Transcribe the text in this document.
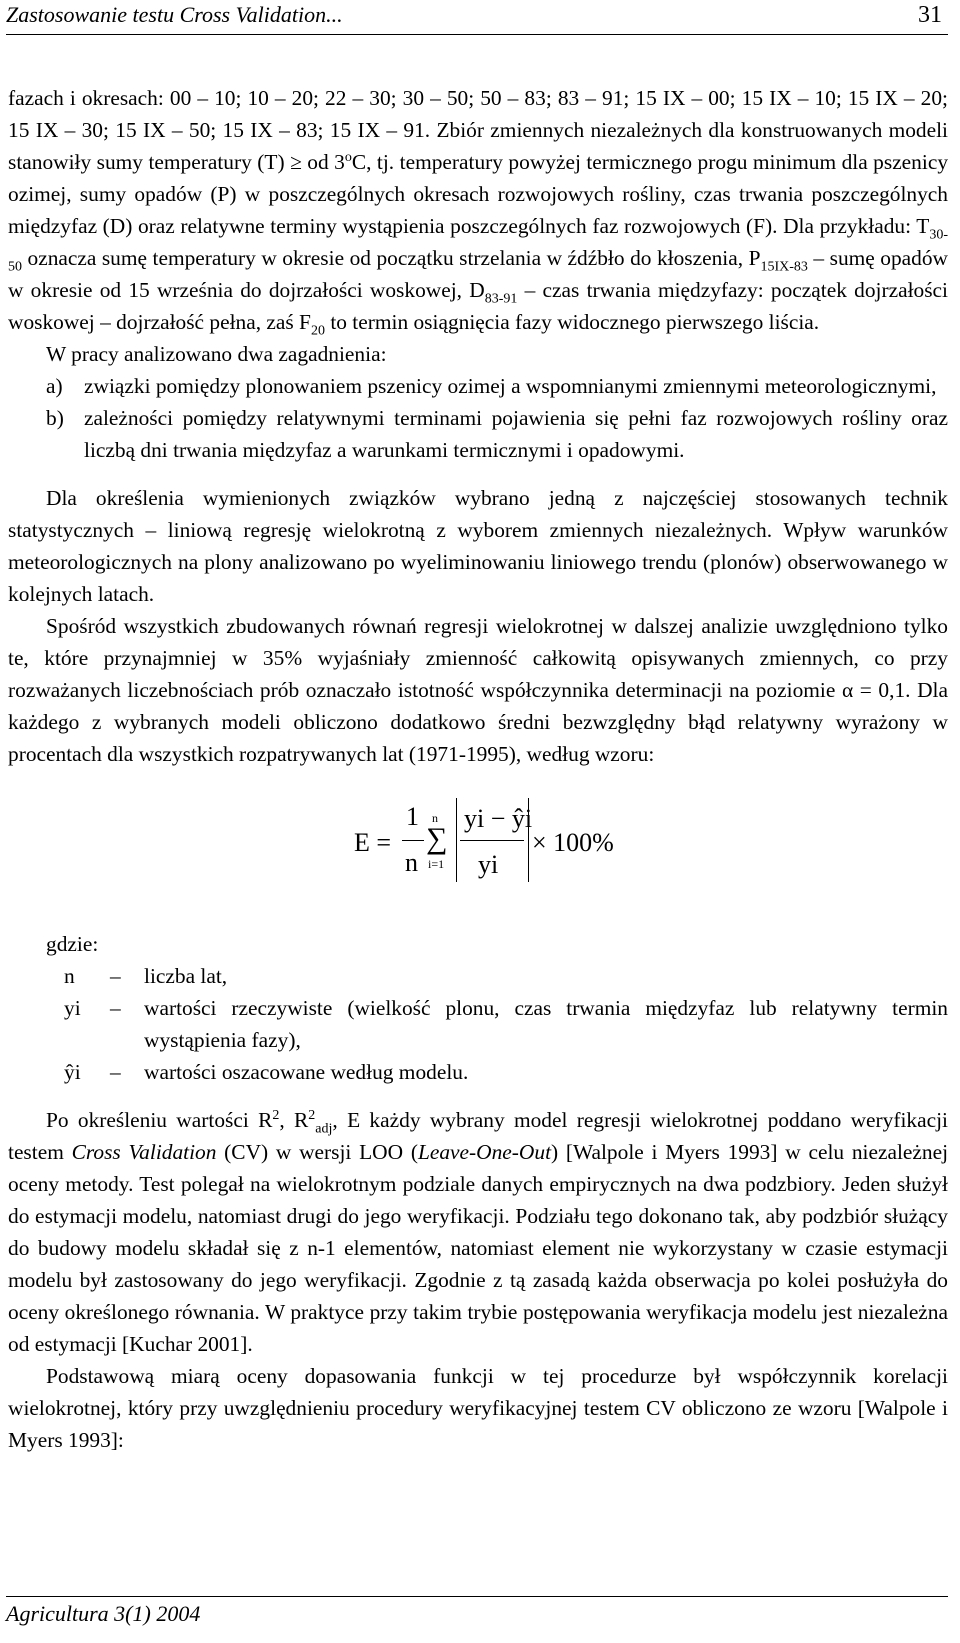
Zastosowanie testu Cross Validation...	31

fazach i okresach: 00 – 10; 10 – 20; 22 – 30; 30 – 50; 50 – 83; 83 – 91; 15 IX – 00; 15 IX – 10; 15 IX – 20; 15 IX – 30; 15 IX – 50; 15 IX – 83; 15 IX – 91. Zbiór zmiennych niezależnych dla konstruowanych modeli stanowiły sumy temperatury (T) ≥ od 3$^o$C, tj. temperatury powyżej termicznego progu minimum dla pszenicy ozimej, sumy opadów (P) w poszczególnych okresach rozwojowych rośliny, czas trwania poszczególnych międzyfaz (D) oraz relatywne terminy wystąpienia poszczególnych faz rozwojowych (F). Dla przykładu: $T_{30-50}$ oznacza sumę temperatury w okresie od początku strzelania w źdźbło do kłoszenia, $P_{15IX-83}$ – sumę opadów w okresie od 15 września do dojrzałości woskowej, $D_{83-91}$ – czas trwania międzyfazy: początek dojrzałości woskowej – dojrzałość pełna, zaś $F_{20}$ to termin osiągnięcia fazy widocznego pierwszego liścia.

W pracy analizowano dwa zagadnienia:

a) związki pomiędzy plonowaniem pszenicy ozimej a wspomnianymi zmiennymi meteorologicznymi,

b) zależności pomiędzy relatywnymi terminami pojawienia się pełni faz rozwojowych rośliny oraz liczbą dni trwania międzyfaz a warunkami termicznymi i opadowymi.

Dla określenia wymienionych związków wybrano jedną z najczęściej stosowanych technik statystycznych – liniową regresję wielokrotną z wyborem zmiennych niezależnych. Wpływ warunków meteorologicznych na plony analizowano po wyeliminowaniu liniowego trendu (plonów) obserwowanego w kolejnych latach.

Spośród wszystkich zbudowanych równań regresji wielokrotnej w dalszej analizie uwzględniono tylko te, które przynajmniej w 35% wyjaśniały zmienność całkowitą opisywanych zmiennych, co przy rozważanych liczebnościach prób oznaczało istotność współczynnika determinacji na poziomie α = 0,1. Dla każdego z wybranych modeli obliczono dodatkowo średni bezwzględny błąd relatywny wyrażony w procentach dla wszystkich rozpatrywanych lat (1971-1995), według wzoru:

E =
1
n
n
∑
i=1
yi − ŷi
yi
× 100%

gdzie:

n – liczba lat,

yi – wartości rzeczywiste (wielkość plonu, czas trwania międzyfaz lub relatywny termin wystąpienia fazy),

ŷi – wartości oszacowane według modelu.

Po określeniu wartości $R^2$, $R^2_{adj}$, E każdy wybrany model regresji wielokrotnej poddano weryfikacji testem Cross Validation (CV) w wersji LOO (Leave-One-Out) [Walpole i Myers 1993] w celu niezależnej oceny metody. Test polegał na wielokrotnym podziale danych empirycznych na dwa podzbiory. Jeden służył do estymacji modelu, natomiast drugi do jego weryfikacji. Podziału tego dokonano tak, aby podzbiór służący do budowy modelu składał się z n-1 elementów, natomiast element nie wykorzystany w czasie estymacji modelu był zastosowany do jego weryfikacji. Zgodnie z tą zasadą każda obserwacja po kolei posłużyła do oceny określonego równania. W praktyce przy takim trybie postępowania weryfikacja modelu jest niezależna od estymacji [Kuchar 2001].

Podstawową miarą oceny dopasowania funkcji w tej procedurze był współczynnik korelacji wielokrotnej, który przy uwzględnieniu procedury weryfikacyjnej testem CV obliczono ze wzoru [Walpole i Myers 1993]:

Agricultura 3(1) 2004
